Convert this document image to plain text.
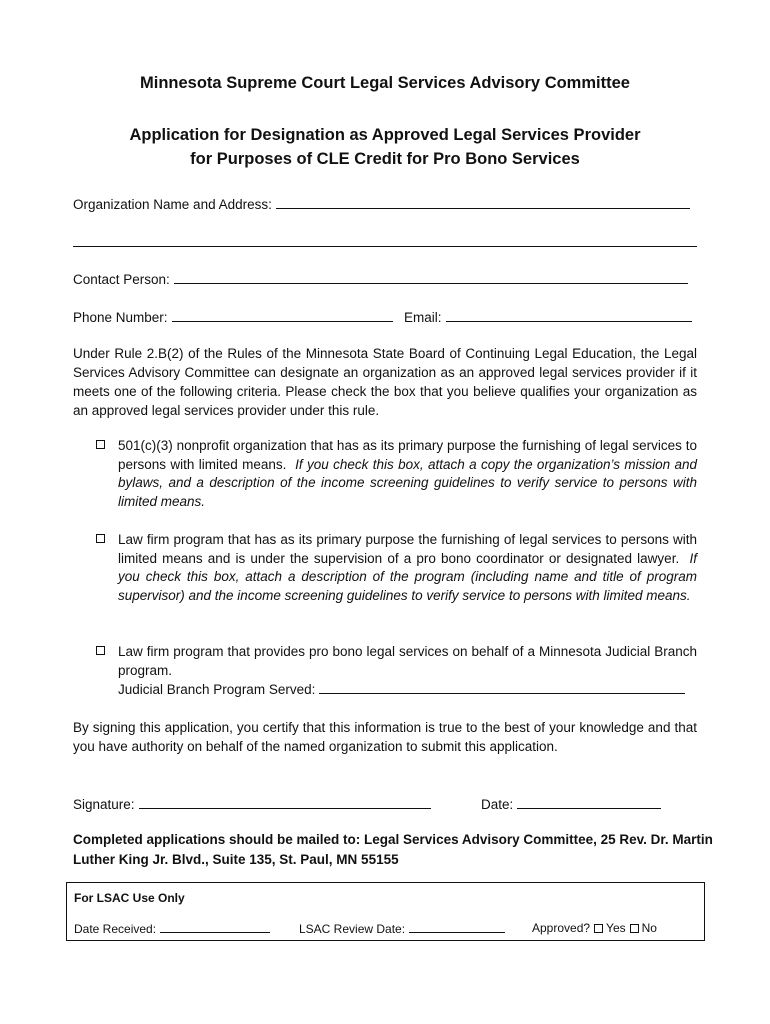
Minnesota Supreme Court Legal Services Advisory Committee
Application for Designation as Approved Legal Services Provider
for Purposes of CLE Credit for Pro Bono Services
Organization Name and Address:
Contact Person:
Phone Number:	Email:
Under Rule 2.B(2) of the Rules of the Minnesota State Board of Continuing Legal Education, the Legal Services Advisory Committee can designate an organization as an approved legal services provider if it meets one of the following criteria. Please check the box that you believe qualifies your organization as an approved legal services provider under this rule.
501(c)(3) nonprofit organization that has as its primary purpose the furnishing of legal services to persons with limited means. If you check this box, attach a copy the organization’s mission and bylaws, and a description of the income screening guidelines to verify service to persons with limited means.
Law firm program that has as its primary purpose the furnishing of legal services to persons with limited means and is under the supervision of a pro bono coordinator or designated lawyer. If you check this box, attach a description of the program (including name and title of program supervisor) and the income screening guidelines to verify service to persons with limited means.
Law firm program that provides pro bono legal services on behalf of a Minnesota Judicial Branch program.
Judicial Branch Program Served:
By signing this application, you certify that this information is true to the best of your knowledge and that you have authority on behalf of the named organization to submit this application.
Signature:	Date:
Completed applications should be mailed to: Legal Services Advisory Committee, 25 Rev. Dr. Martin Luther King Jr. Blvd., Suite 135, St. Paul, MN 55155
For LSAC Use Only
Date Received:	LSAC Review Date:	Approved? Yes No
